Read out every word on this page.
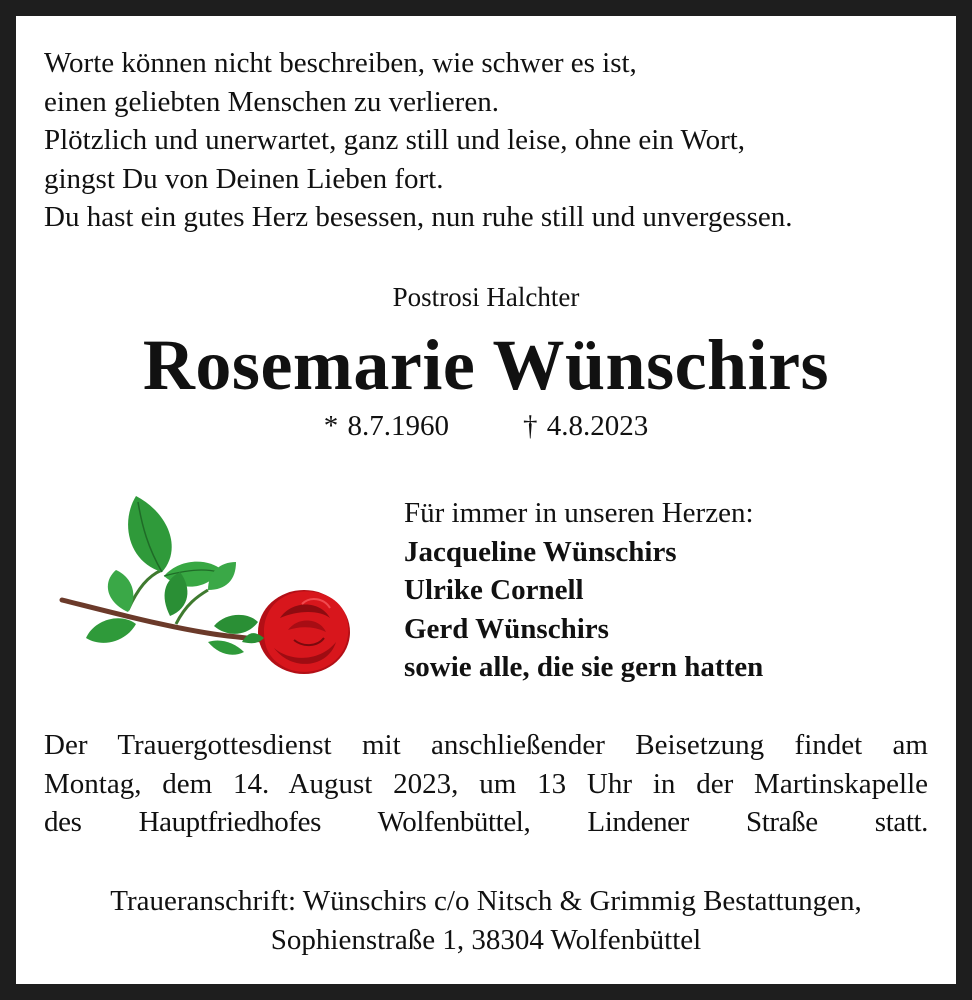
Worte können nicht beschreiben, wie schwer es ist,
einen geliebten Menschen zu verlieren.
Plötzlich und unerwartet, ganz still und leise, ohne ein Wort,
gingst Du von Deinen Lieben fort.
Du hast ein gutes Herz besessen, nun ruhe still und unvergessen.
Postrosi Halchter
Rosemarie Wünschirs
* 8.7.1960	† 4.8.2023
Für immer in unseren Herzen:
Jacqueline Wünschirs
Ulrike Cornell
Gerd Wünschirs
sowie alle, die sie gern hatten
Der Trauergottesdienst mit anschließender Beisetzung findet am
Montag, dem 14. August 2023, um 13 Uhr in der Martinskapelle
des Hauptfriedhofes Wolfenbüttel, Lindener Straße statt.
Traueranschrift: Wünschirs c/o Nitsch & Grimmig Bestattungen,
Sophienstraße 1, 38304 Wolfenbüttel
